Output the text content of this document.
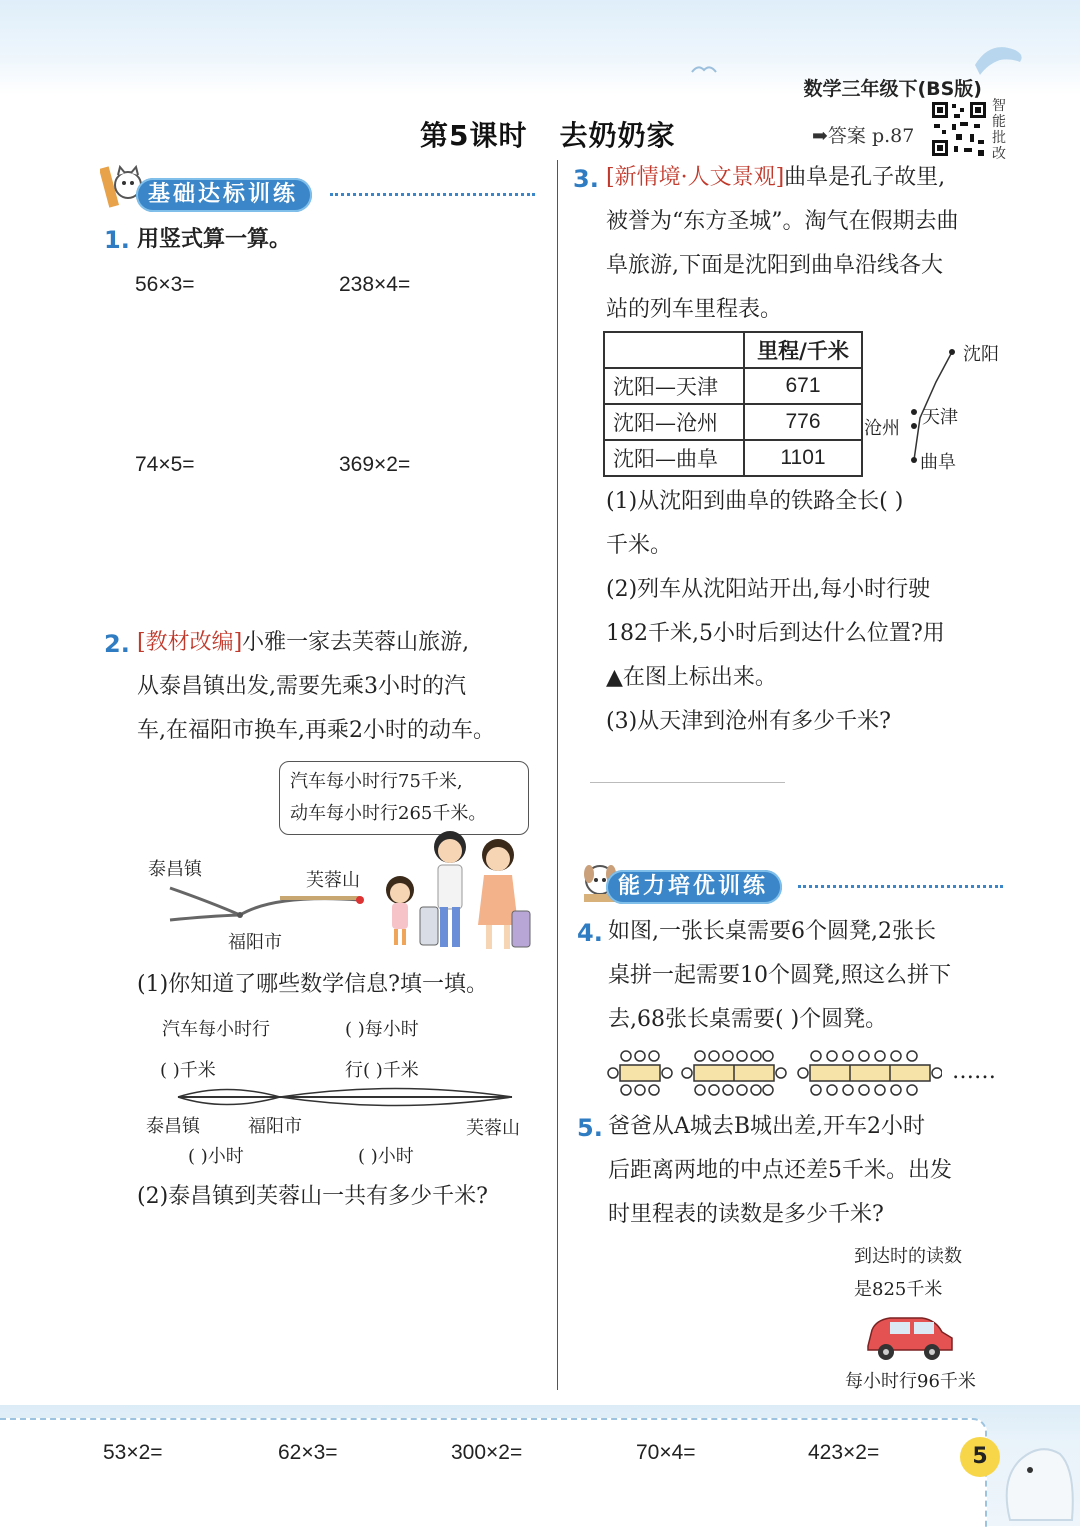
数学三年级下(BS版)
第5课时 去奶奶家	➡答案 p.87
智能批改
基础达标训练
1. 用竖式算一算。
56×3=	238×4=
74×5=	369×2=
2. [教材改编]小雅一家去芙蓉山旅游,
从泰昌镇出发,需要先乘3小时的汽
车,在福阳市换车,再乘2小时的动车。
汽车每小时行75千米,
动车每小时行265千米。
泰昌镇
芙蓉山
福阳市
(1)你知道了哪些数学信息?填一填。
汽车每小时行	( )每小时
( )千米	行( )千米
泰昌镇	福阳市	芙蓉山
( )小时	( )小时
(2)泰昌镇到芙蓉山一共有多少千米?
3. [新情境·人文景观]曲阜是孔子故里,
被誉为“东方圣城”。淘气在假期去曲
阜旅游,下面是沈阳到曲阜沿线各大
站的列车里程表。
	里程/千米
沈阳—天津	671
沈阳—沧州	776
沈阳—曲阜	1101
沈阳
天津
沧州
曲阜
(1)从沈阳到曲阜的铁路全长( )
千米。
(2)列车从沈阳站开出,每小时行驶
182千米,5小时后到达什么位置?用
▲在图上标出来。
(3)从天津到沧州有多少千米?
能力培优训练
4. 如图,一张长桌需要6个圆凳,2张长
桌拼一起需要10个圆凳,照这么拼下
去,68张长桌需要( )个圆凳。
……
5. 爸爸从A城去B城出差,开车2小时
后距离两地的中点还差5千米。出发
时里程表的读数是多少千米?
到达时的读数
是825千米
每小时行96千米
53×2=	62×3=	300×2=	70×4=	423×2=	5
